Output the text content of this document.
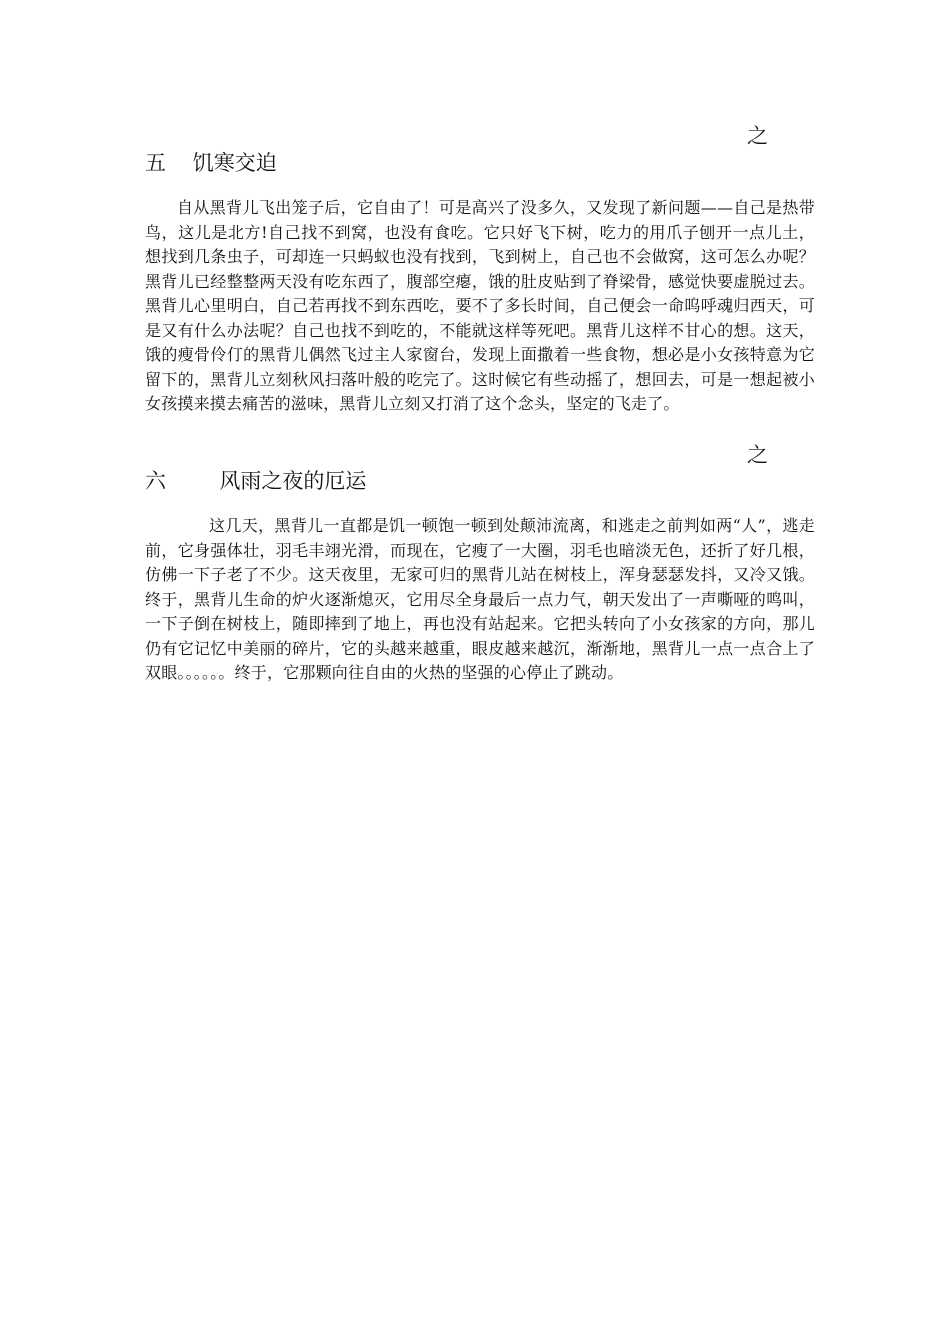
之
五 饥寒交迫

自从黑背儿飞出笼子后，它自由了！可是高兴了没多久，又发现了新问题——自己是热带鸟，这儿是北方!自己找不到窝，也没有食吃。它只好飞下树，吃力的用爪子刨开一点儿土，想找到几条虫子，可却连一只蚂蚁也没有找到，飞到树上，自己也不会做窝，这可怎么办呢？黑背儿已经整整两天没有吃东西了，腹部空瘪，饿的肚皮贴到了脊梁骨，感觉快要虚脱过去。黑背儿心里明白，自己若再找不到东西吃，要不了多长时间，自己便会一命呜呼魂归西天，可是又有什么办法呢？自己也找不到吃的，不能就这样等死吧。黑背儿这样不甘心的想。这天，饿的瘦骨伶仃的黑背儿偶然飞过主人家窗台，发现上面撒着一些食物，想必是小女孩特意为它留下的，黑背儿立刻秋风扫落叶般的吃完了。这时候它有些动摇了，想回去，可是一想起被小女孩摸来摸去痛苦的滋味，黑背儿立刻又打消了这个念头，坚定的飞走了。

之
六	风雨之夜的厄运

这几天，黑背儿一直都是饥一顿饱一顿到处颠沛流离，和逃走之前判如两“人”，逃走前，它身强体壮，羽毛丰翊光滑，而现在，它瘦了一大圈，羽毛也暗淡无色，还折了好几根，仿佛一下子老了不少。这天夜里，无家可归的黑背儿站在树枝上，浑身瑟瑟发抖，又冷又饿。终于，黑背儿生命的炉火逐渐熄灭，它用尽全身最后一点力气，朝天发出了一声嘶哑的鸣叫，一下子倒在树枝上，随即摔到了地上，再也没有站起来。它把头转向了小女孩家的方向，那儿仍有它记忆中美丽的碎片，它的头越来越重，眼皮越来越沉，渐渐地，黑背儿一点一点合上了双眼。。。。。。终于，它那颗向往自由的火热的坚强的心停止了跳动。
